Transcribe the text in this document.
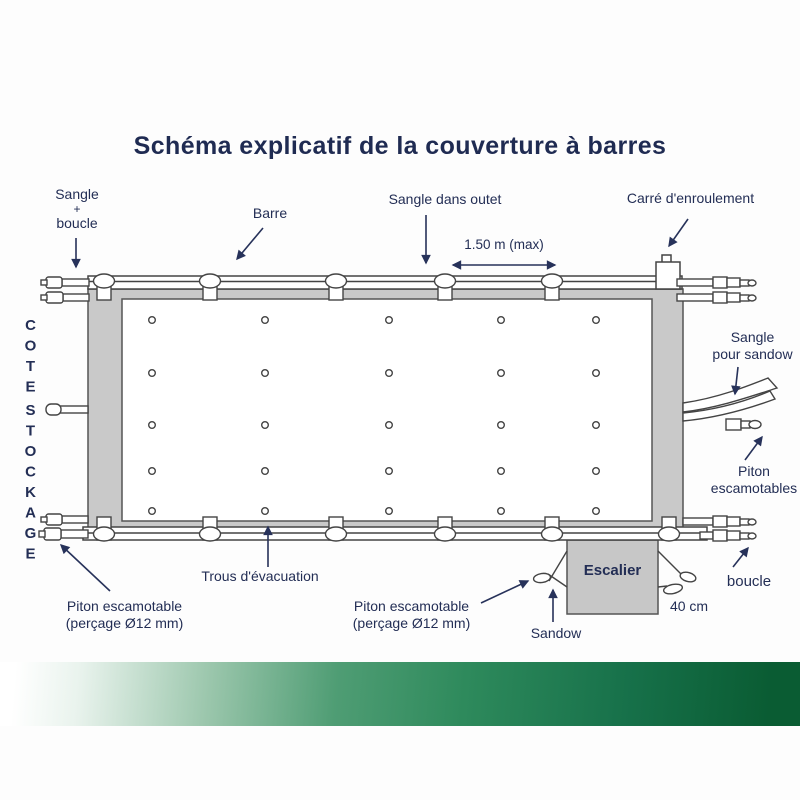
Schéma explicatif de la couverture à barres
Sangle
+
boucle
Barre
Sangle dans outet
1.50 m (max)
Carré d'enroulement
COTE
STOCKAGE
Sangle
pour sandow
Piton
escamotables
boucle
Trous d'évacuation
Piton escamotable
(perçage Ø12 mm)
Piton escamotable
(perçage Ø12 mm)
Sandow
Escalier
40 cm
